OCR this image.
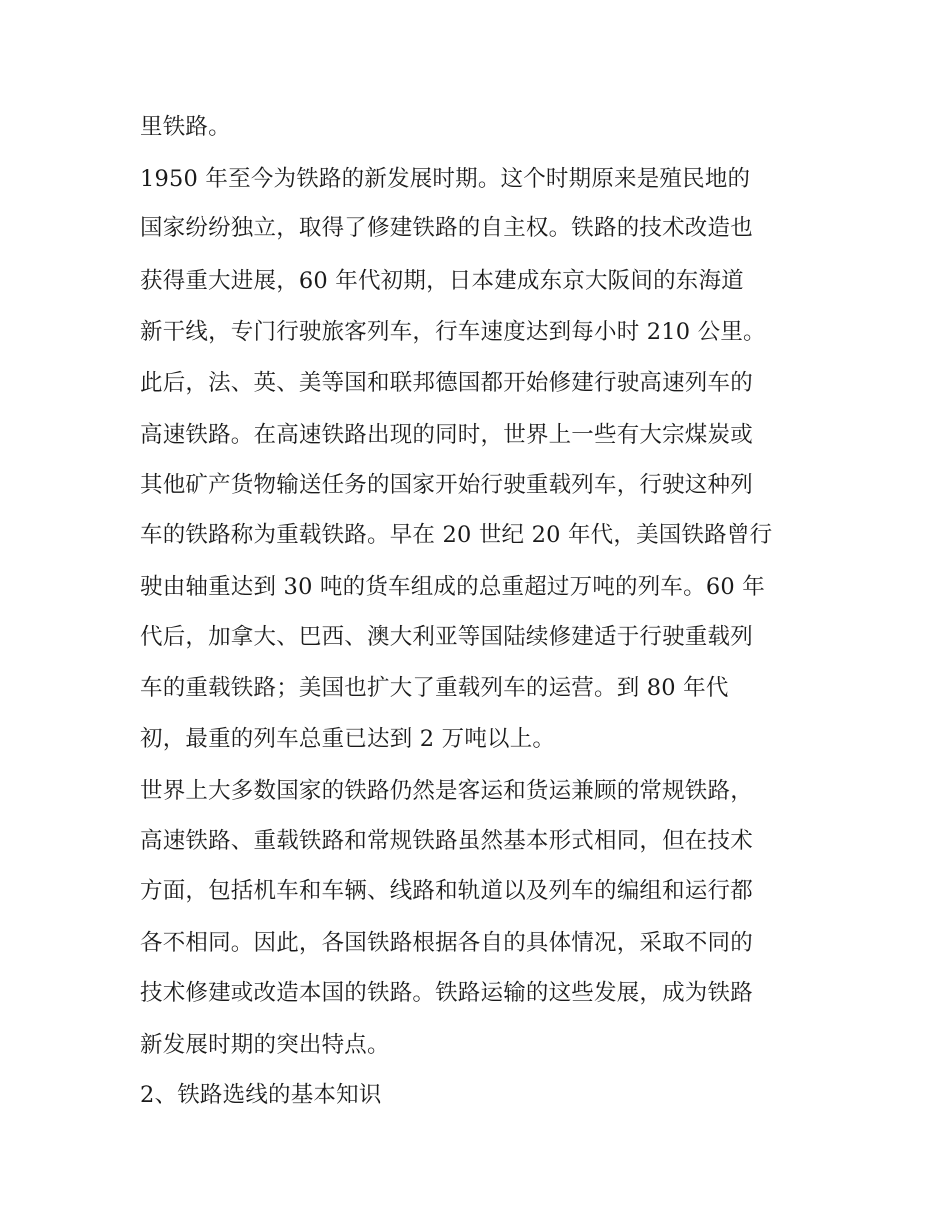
里铁路。
1950 年至今为铁路的新发展时期。这个时期原来是殖民地的
国家纷纷独立，取得了修建铁路的自主权。铁路的技术改造也
获得重大进展，60 年代初期，日本建成东京大阪间的东海道
新干线，专门行驶旅客列车，行车速度达到每小时 210 公里。
此后，法、英、美等国和联邦德国都开始修建行驶高速列车的
高速铁路。在高速铁路出现的同时，世界上一些有大宗煤炭或
其他矿产货物输送任务的国家开始行驶重载列车，行驶这种列
车的铁路称为重载铁路。早在 20 世纪 20 年代，美国铁路曾行
驶由轴重达到 30 吨的货车组成的总重超过万吨的列车。60 年
代后，加拿大、巴西、澳大利亚等国陆续修建适于行驶重载列
车的重载铁路；美国也扩大了重载列车的运营。到 80 年代
初，最重的列车总重已达到 2 万吨以上。
世界上大多数国家的铁路仍然是客运和货运兼顾的常规铁路，
高速铁路、重载铁路和常规铁路虽然基本形式相同，但在技术
方面，包括机车和车辆、线路和轨道以及列车的编组和运行都
各不相同。因此，各国铁路根据各自的具体情况，采取不同的
技术修建或改造本国的铁路。铁路运输的这些发展，成为铁路
新发展时期的突出特点。
2、铁路选线的基本知识
